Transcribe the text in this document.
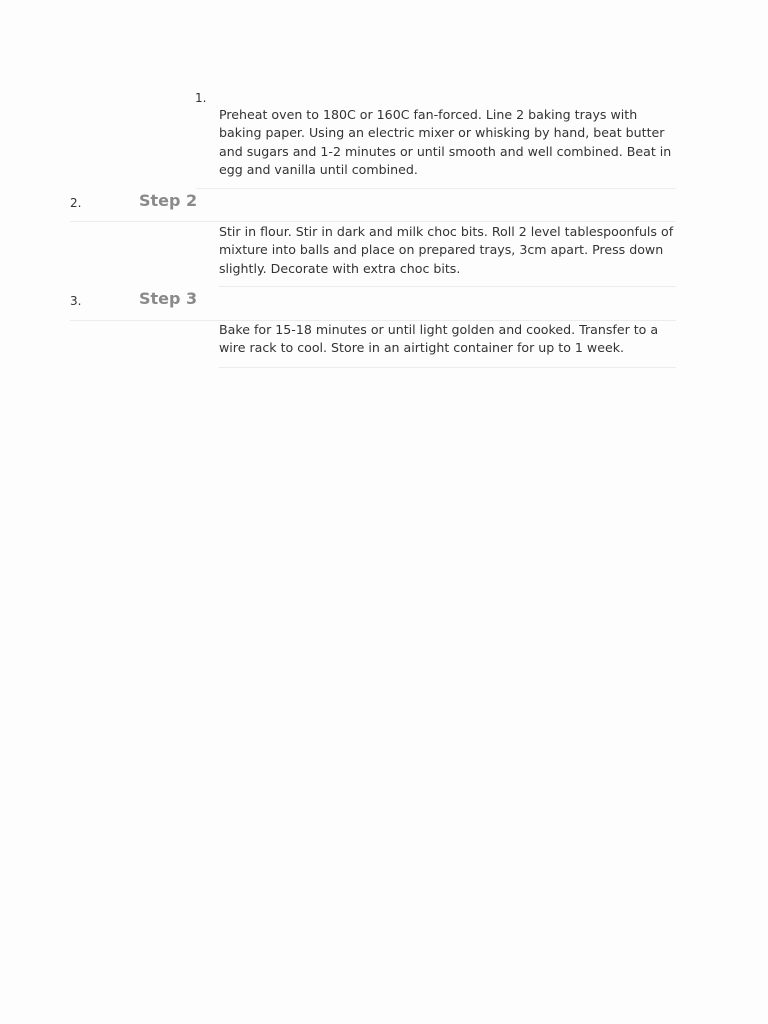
1.

Preheat oven to 180C or 160C fan-forced. Line 2 baking trays with baking paper. Using an electric mixer or whisking by hand, beat butter and sugars and 1-2 minutes or until smooth and well combined. Beat in egg and vanilla until combined.

2.	Step 2

Stir in flour. Stir in dark and milk choc bits. Roll 2 level tablespoonfuls of mixture into balls and place on prepared trays, 3cm apart. Press down slightly. Decorate with extra choc bits.

3.	Step 3

Bake for 15-18 minutes or until light golden and cooked. Transfer to a wire rack to cool. Store in an airtight container for up to 1 week.
